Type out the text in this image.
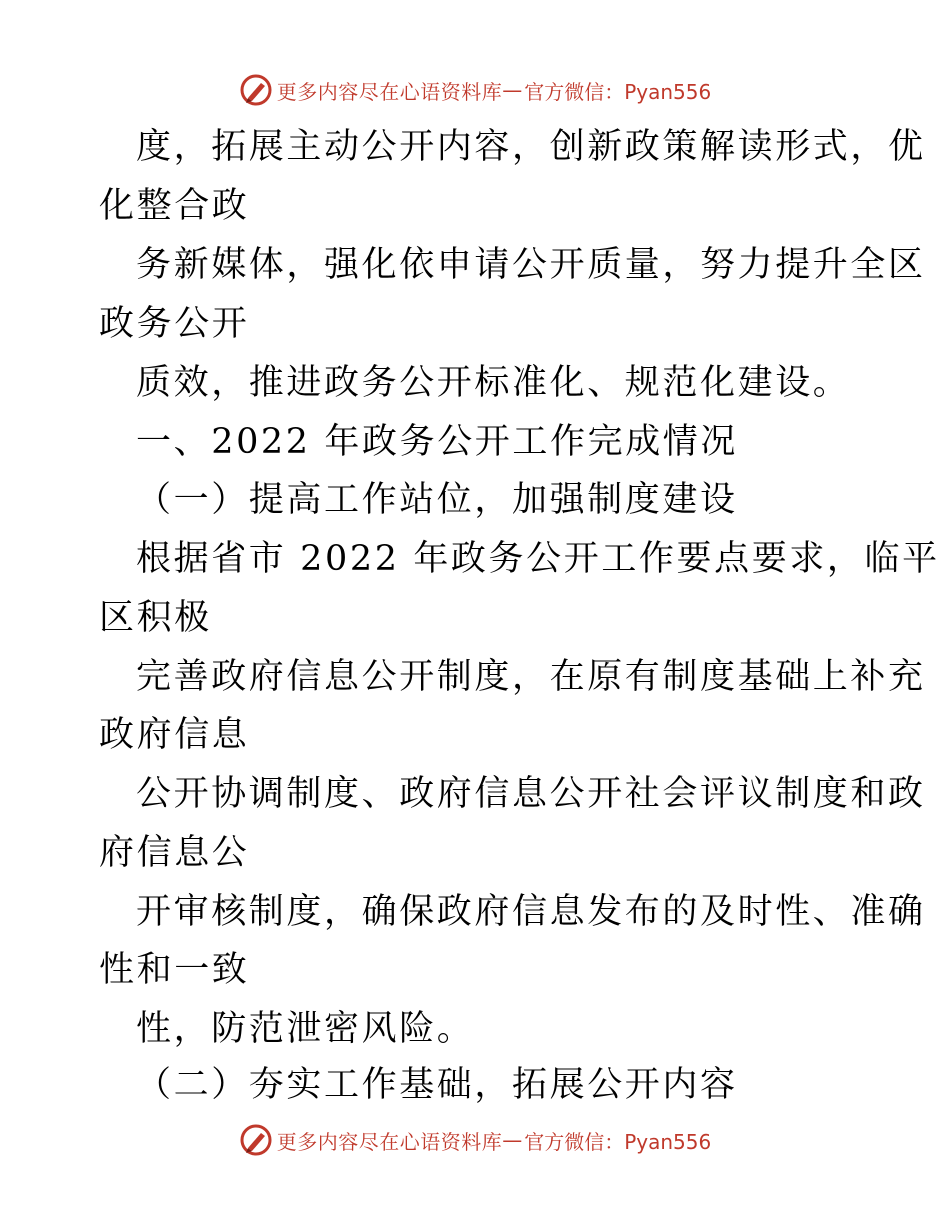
更多内容尽在心语资料库 — 官方微信：Pyan556
度，拓展主动公开内容，创新政策解读形式，优
化整合政
务新媒体，强化依申请公开质量，努力提升全区
政务公开
质效，推进政务公开标准化、规范化建设。
一、2022 年政务公开工作完成情况
（一）提高工作站位，加强制度建设
根据省市 2022 年政务公开工作要点要求，临平
区积极
完善政府信息公开制度，在原有制度基础上补充
政府信息
公开协调制度、政府信息公开社会评议制度和政
府信息公
开审核制度，确保政府信息发布的及时性、准确
性和一致
性，防范泄密风险。
（二）夯实工作基础，拓展公开内容
更多内容尽在心语资料库 — 官方微信：Pyan556
